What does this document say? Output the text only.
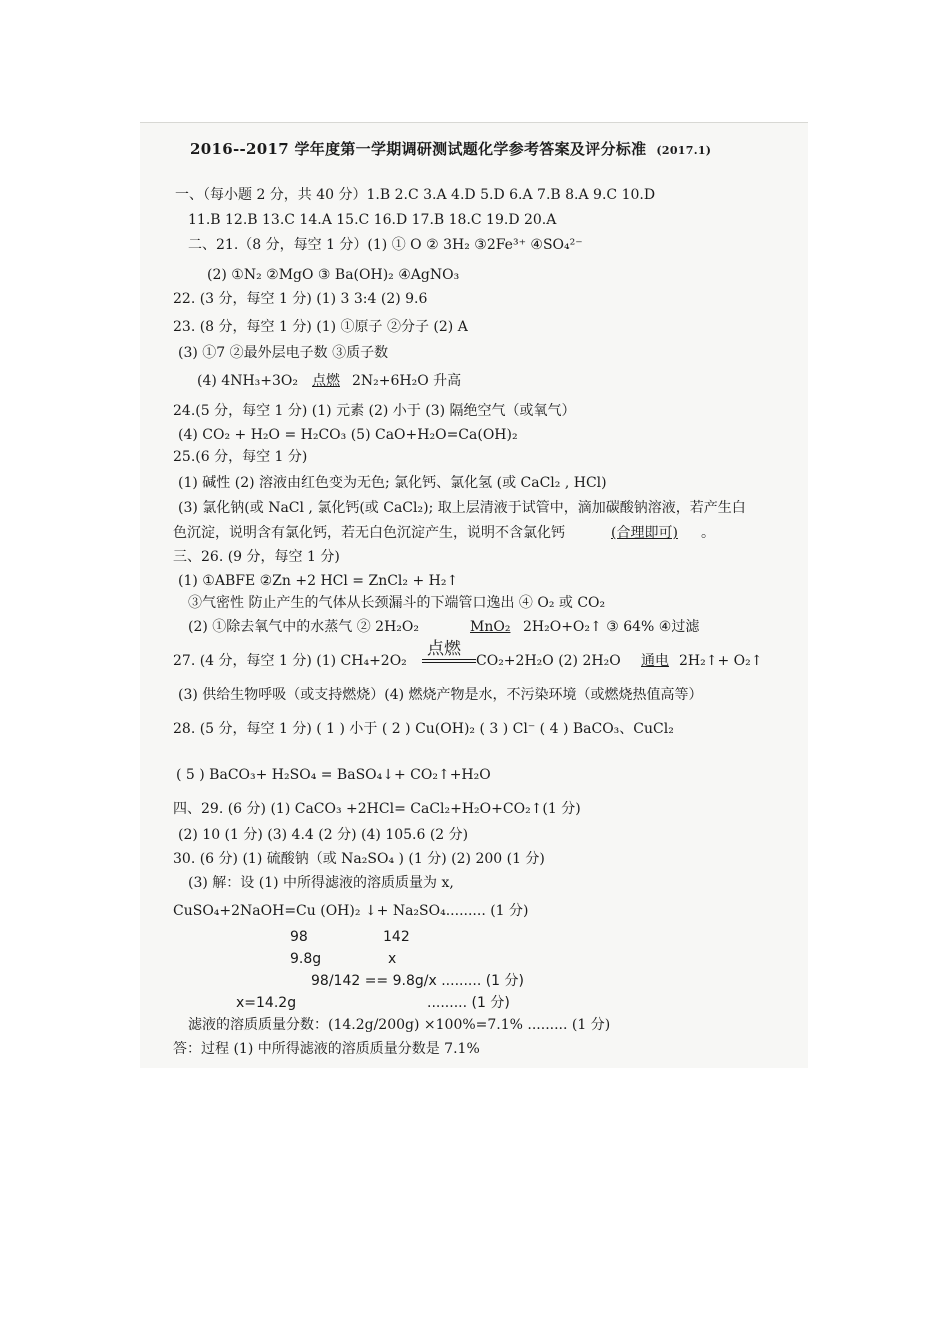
2016--2017 学年度第一学期调研测试题化学参考答案及评分标准 (2017.1)
一、（每小题 2 分，共 40 分）1.B 2.C 3.A 4.D 5.D 6.A 7.B 8.A 9.C 10.D
11.B 12.B 13.C 14.A 15.C 16.D 17.B 18.C 19.D 20.A
二、21.（8 分，每空 1 分）(1) ① O ② 3H₂ ③2Fe³⁺ ④SO₄²⁻
(2) ①N₂ ②MgO ③ Ba(OH)₂ ④AgNO₃
22. (3 分，每空 1 分) (1) 3 3:4 (2) 9.6
23. (8 分，每空 1 分) (1) ①原子 ②分子 (2) A
(3) ①7 ②最外层电子数 ③质子数
(4) 4NH₃+3O₂ 点燃 2N₂+6H₂O 升高
24.(5 分，每空 1 分) (1) 元素 (2) 小于 (3) 隔绝空气（或氧气）
(4) CO₂ + H₂O = H₂CO₃ (5) CaO+H₂O=Ca(OH)₂
25.(6 分，每空 1 分)
(1) 碱性 (2) 溶液由红色变为无色; 氯化钙、氯化氢 (或 CaCl₂ , HCl)
(3) 氯化钠(或 NaCl , 氯化钙(或 CaCl₂); 取上层清液于试管中，滴加碳酸钠溶液，若产生白
色沉淀，说明含有氯化钙，若无白色沉淀产生，说明不含氯化钙	(合理即可) 。
三、26. (9 分，每空 1 分)
(1) ①ABFE ②Zn +2 HCl = ZnCl₂ + H₂↑
③气密性 防止产生的气体从长颈漏斗的下端管口逸出 ④ O₂ 或 CO₂
(2) ①除去氧气中的水蒸气 ② 2H₂O₂	MnO₂ 2H₂O+O₂↑ ③ 64% ④过滤
27. (4 分，每空 1 分) (1) CH₄+2O₂
点燃
CO₂+2H₂O (2) 2H₂O 通电 2H₂↑+ O₂↑
(3) 供给生物呼吸（或支持燃烧）(4) 燃烧产物是水，不污染环境（或燃烧热值高等）
28. (5 分，每空 1 分) ( 1 ) 小于 ( 2 ) Cu(OH)₂ ( 3 ) Cl⁻ ( 4 ) BaCO₃、CuCl₂
( 5 ) BaCO₃+ H₂SO₄ = BaSO₄↓+ CO₂↑+H₂O
四、29. (6 分) (1) CaCO₃ +2HCl= CaCl₂+H₂O+CO₂↑(1 分)
(2) 10 (1 分) (3) 4.4 (2 分) (4) 105.6 (2 分)
30. (6 分) (1) 硫酸钠（或 Na₂SO₄ ) (1 分) (2) 200 (1 分)
(3) 解：设 (1) 中所得滤液的溶质质量为 x,
CuSO₄+2NaOH=Cu (OH)₂ ↓+ Na₂SO₄......... (1 分)
98	142
9.8g	x
98/142 == 9.8g/x ......... (1 分)
x=14.2g	......... (1 分)
滤液的溶质质量分数：(14.2g/200g) ×100%=7.1% ......... (1 分)
答：过程 (1) 中所得滤液的溶质质量分数是 7.1%
